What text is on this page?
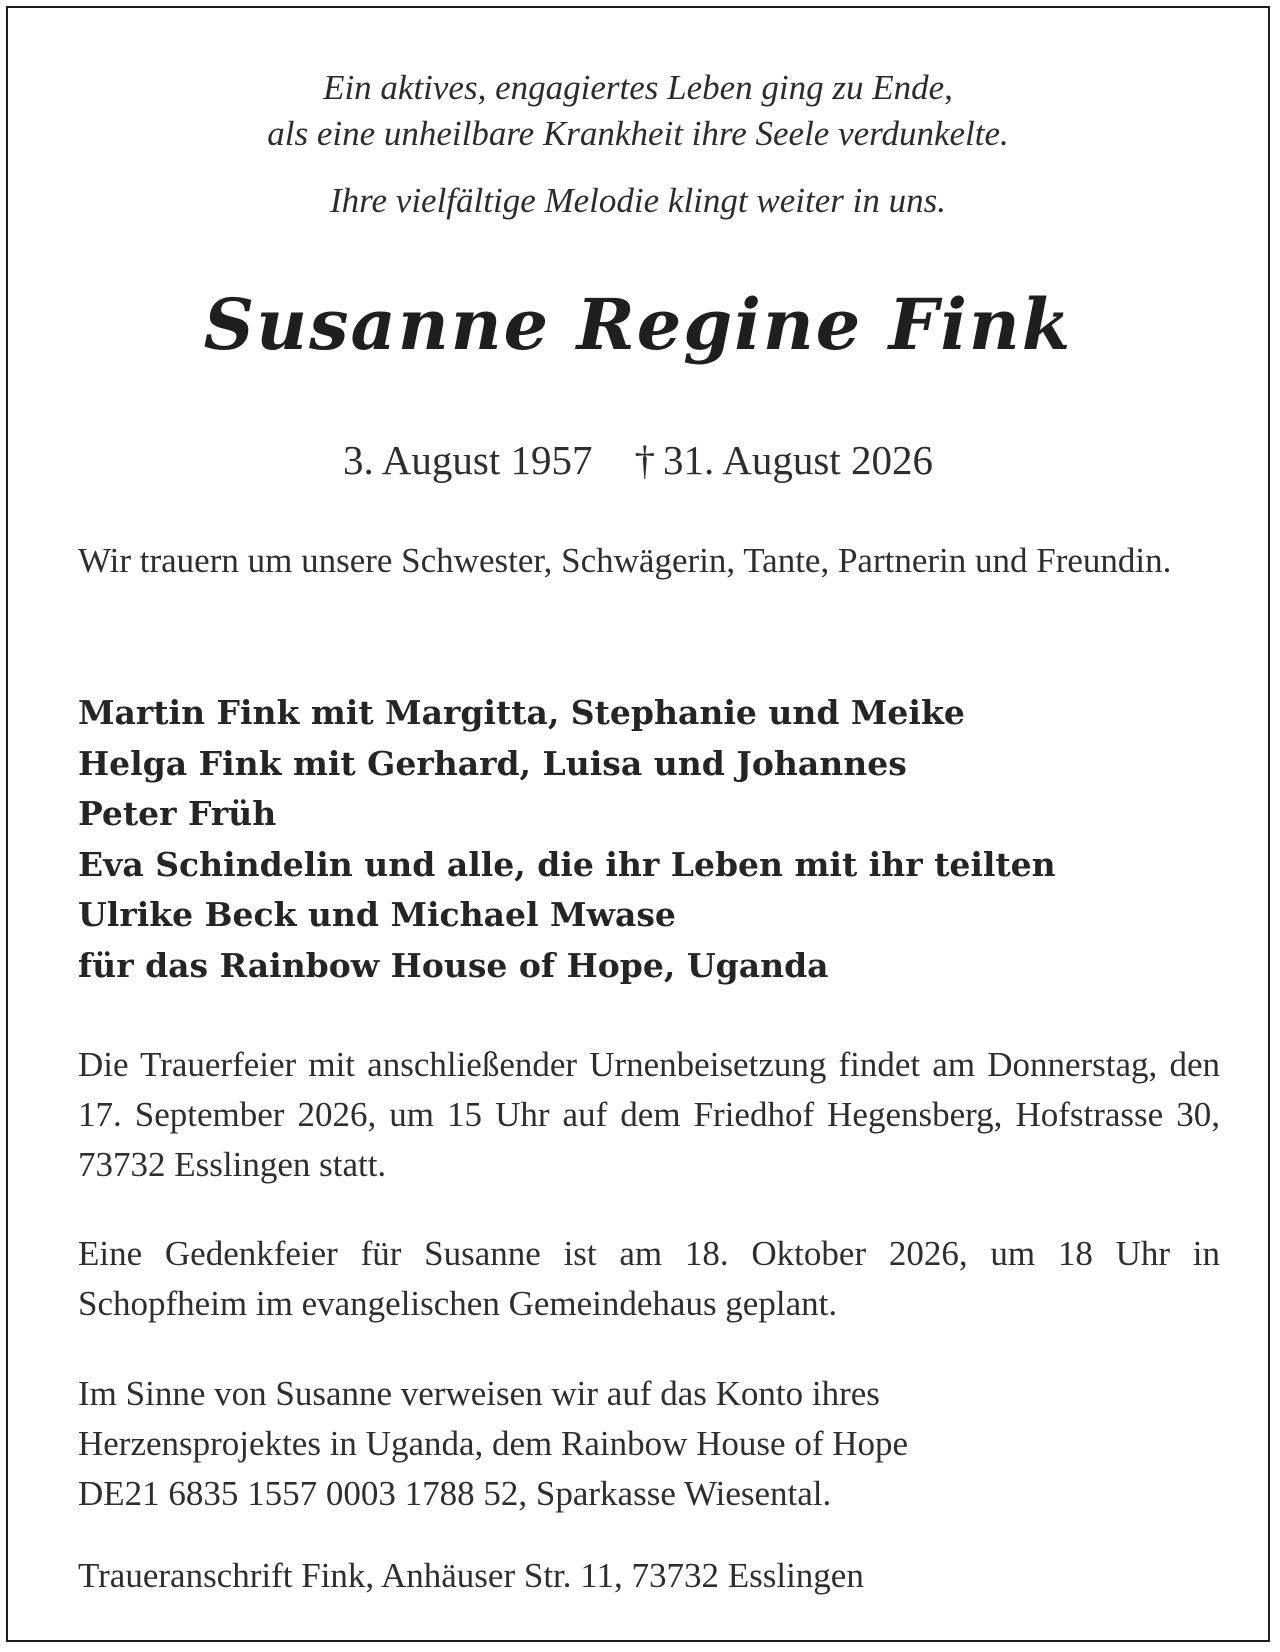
Ein aktives, engagiertes Leben ging zu Ende,

als eine unheilbare Krankheit ihre Seele verdunkelte.

Ihre vielfältige Melodie klingt weiter in uns.

Susanne Regine Fink

3. August 1957 † 31. August 2026

Wir trauern um unsere Schwester, Schwägerin, Tante, Partnerin und Freundin.

Martin Fink mit Margitta, Stephanie und Meike
Helga Fink mit Gerhard, Luisa und Johannes
Peter Früh
Eva Schindelin und alle, die ihr Leben mit ihr teilten
Ulrike Beck und Michael Mwase
für das Rainbow House of Hope, Uganda

Die Trauerfeier mit anschließender Urnenbeisetzung findet am Donnerstag, den 17. September 2026, um 15 Uhr auf dem Friedhof Hegensberg, Hofstrasse 30, 73732 Esslingen statt.

Eine Gedenkfeier für Susanne ist am 18. Oktober 2026, um 18 Uhr in Schopfheim im evangelischen Gemeindehaus geplant.

Im Sinne von Susanne verweisen wir auf das Konto ihres
Herzensprojektes in Uganda, dem Rainbow House of Hope
DE21 6835 1557 0003 1788 52, Sparkasse Wiesental.

Traueranschrift Fink, Anhäuser Str. 11, 73732 Esslingen
